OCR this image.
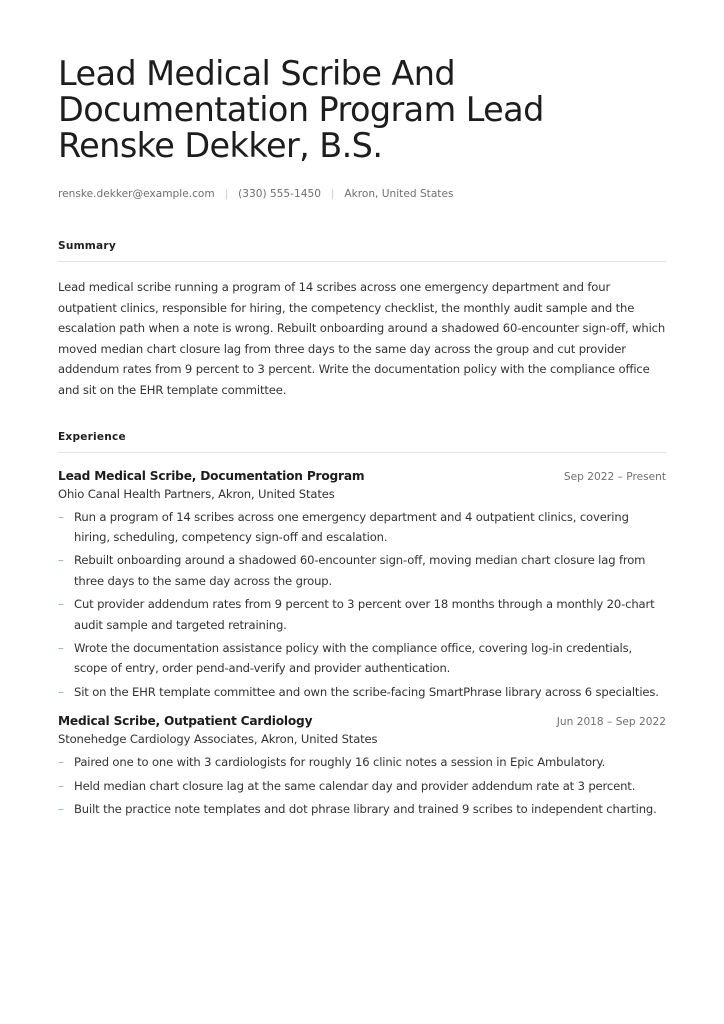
Lead Medical Scribe And
Documentation Program Lead
Renske Dekker, B.S.
renske.dekker@example.com | (330) 555-1450 | Akron, United States
Summary

Lead medical scribe running a program of 14 scribes across one emergency department and four outpatient clinics, responsible for hiring, the competency checklist, the monthly audit sample and the escalation path when a note is wrong. Rebuilt onboarding around a shadowed 60-encounter sign-off, which moved median chart closure lag from three days to the same day across the group and cut provider addendum rates from 9 percent to 3 percent. Write the documentation policy with the compliance office and sit on the EHR template committee.

Experience
Lead Medical Scribe, Documentation Program	Sep 2022 – Present
Ohio Canal Health Partners, Akron, United States
– Run a program of 14 scribes across one emergency department and 4 outpatient clinics, covering hiring, scheduling, competency sign-off and escalation.
– Rebuilt onboarding around a shadowed 60-encounter sign-off, moving median chart closure lag from three days to the same day across the group.
– Cut provider addendum rates from 9 percent to 3 percent over 18 months through a monthly 20-chart audit sample and targeted retraining.
– Wrote the documentation assistance policy with the compliance office, covering log-in credentials, scope of entry, order pend-and-verify and provider authentication.
– Sit on the EHR template committee and own the scribe-facing SmartPhrase library across 6 specialties.
Medical Scribe, Outpatient Cardiology	Jun 2018 – Sep 2022
Stonehedge Cardiology Associates, Akron, United States
– Paired one to one with 3 cardiologists for roughly 16 clinic notes a session in Epic Ambulatory.
– Held median chart closure lag at the same calendar day and provider addendum rate at 3 percent.
– Built the practice note templates and dot phrase library and trained 9 scribes to independent charting.
